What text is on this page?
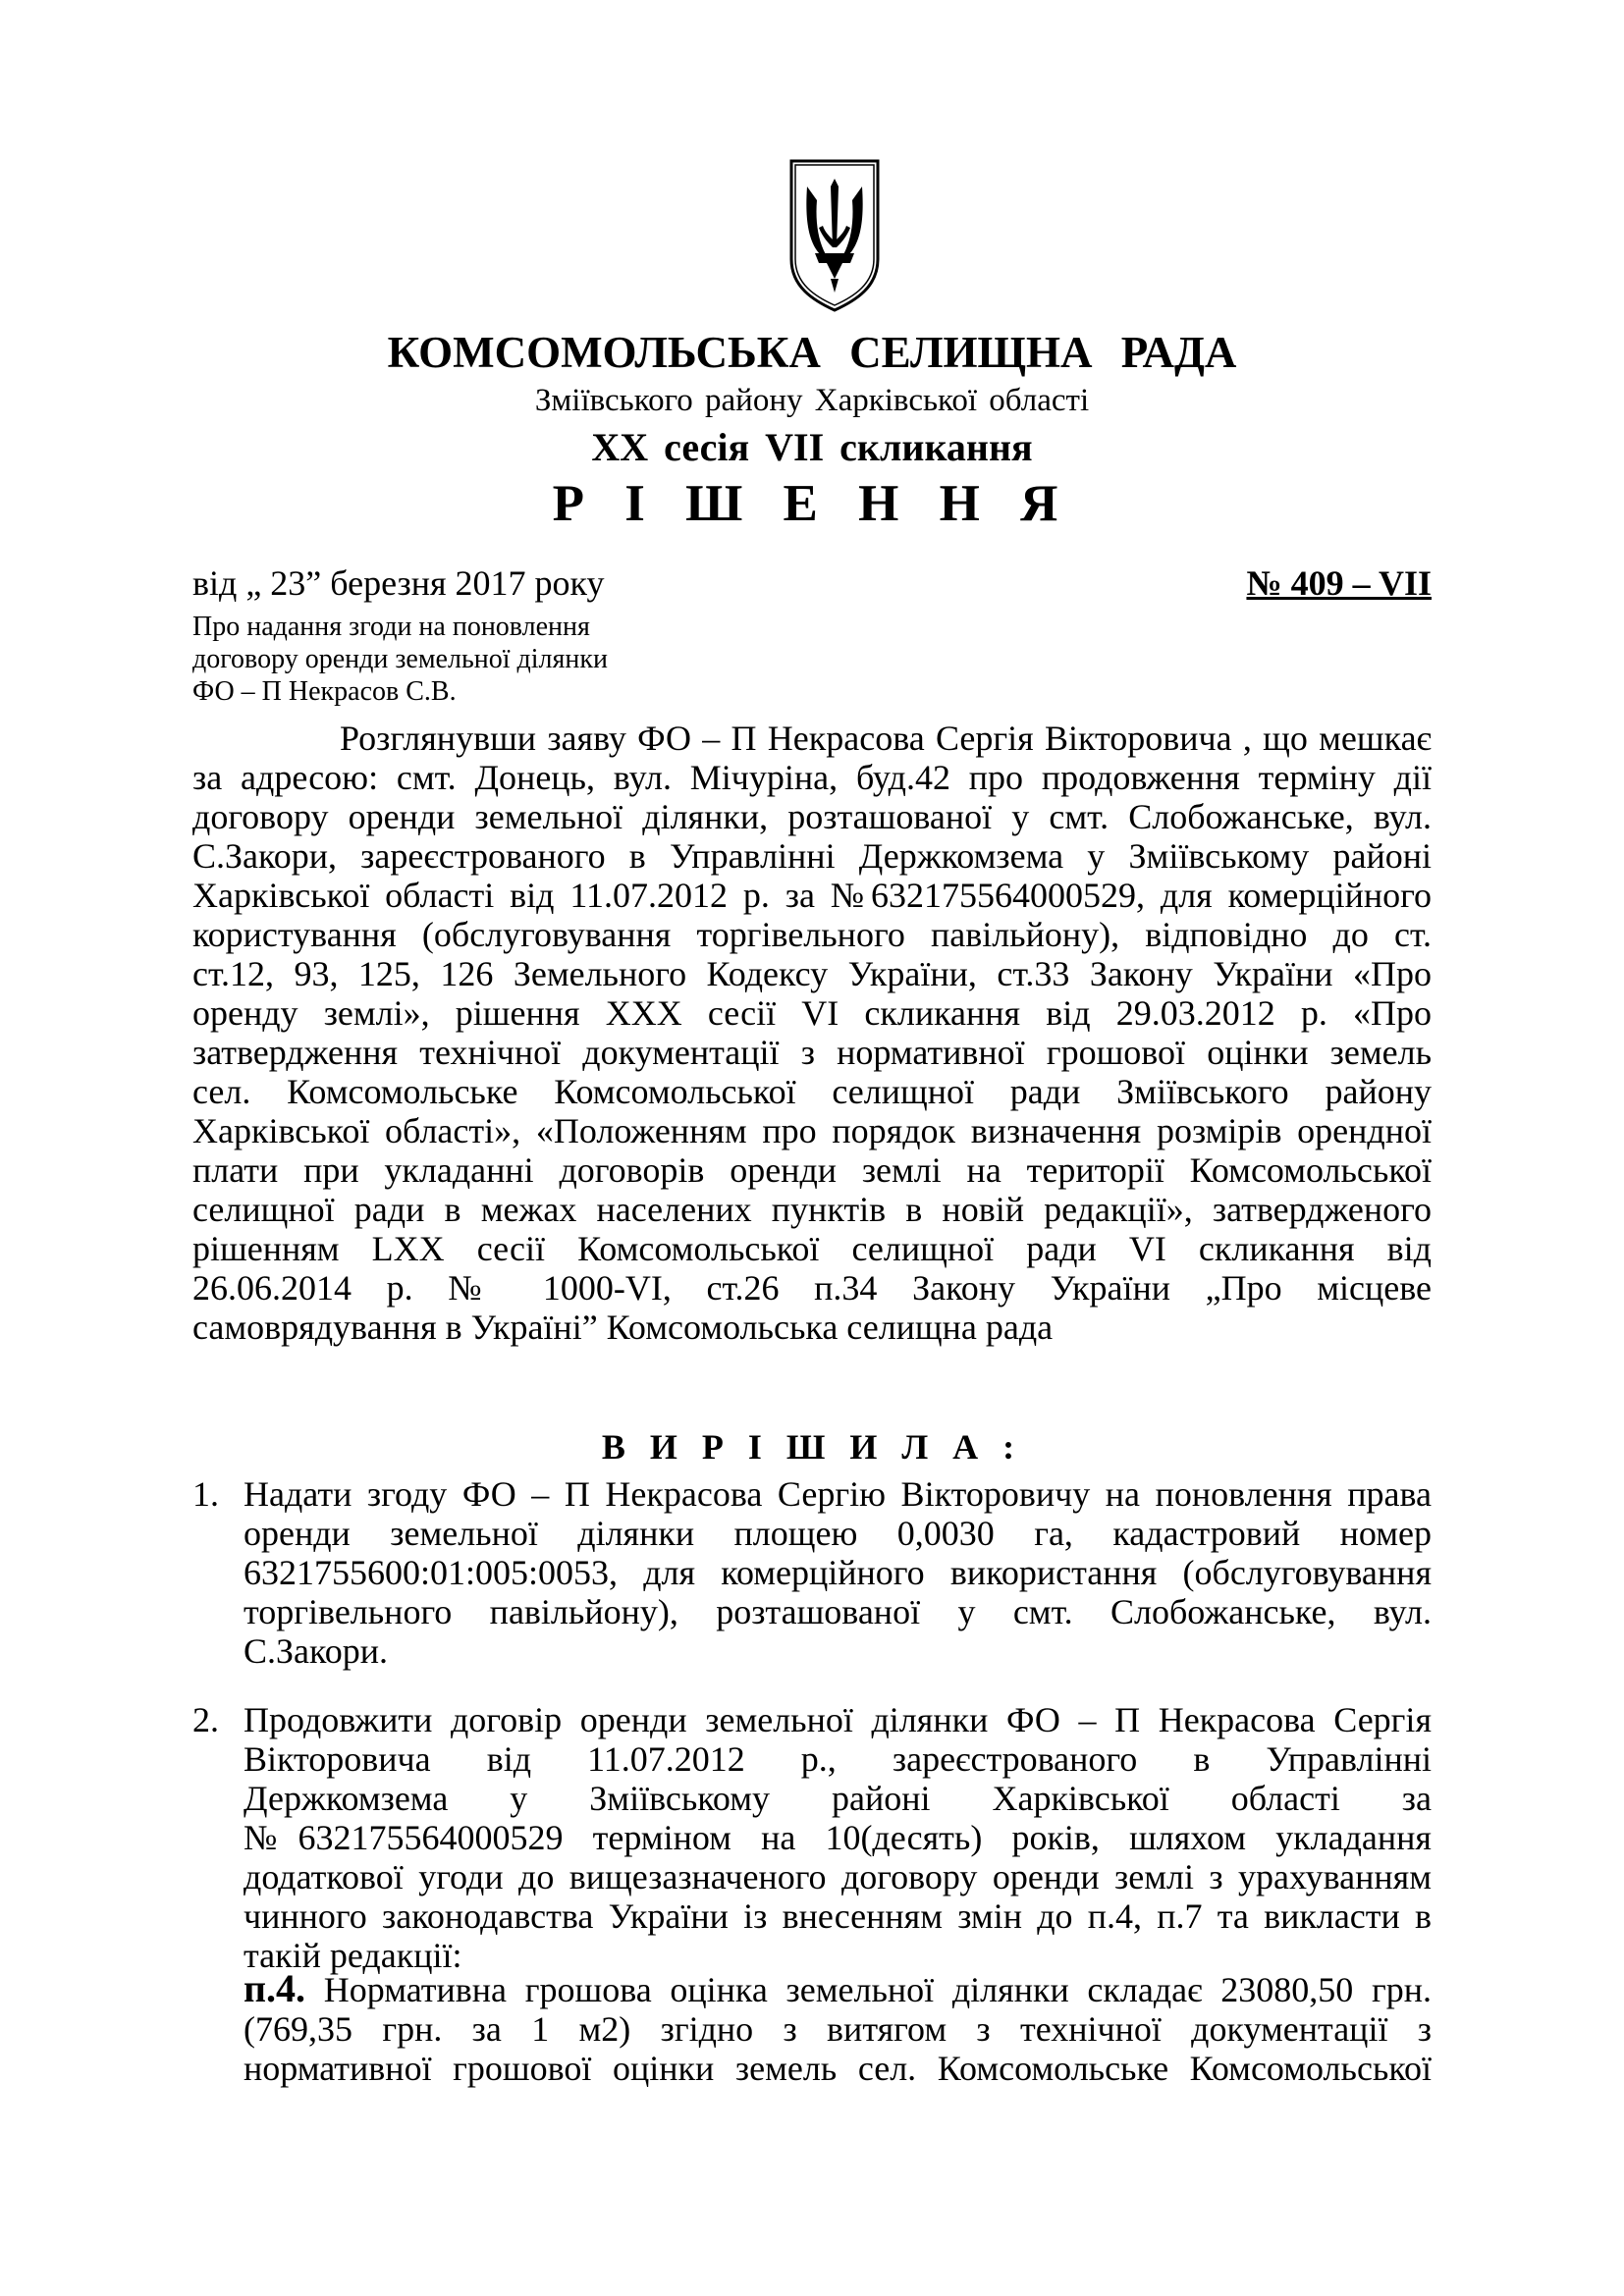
КОМСОМОЛЬСЬКА СЕЛИЩНА РАДА
Зміївського району Харківської області
XX сесія VII скликання
Р І Ш Е Н Н Я
від „ 23” березня 2017 року	№ 409 – VII
Про надання згоди на поновлення
договору оренди земельної ділянки
ФО – П Некрасов С.В.
Розглянувши заяву ФО – П Некрасова Сергія Вікторовича , що мешкає
за адресою: смт. Донець, вул. Мічуріна, буд.42 про продовження терміну дії
договору оренди земельної ділянки, розташованої у смт. Слобожанське, вул.
С.Закори, зареєстрованого в Управлінні Держкомзема у Зміївському районі
Харківської області від 11.07.2012 р. за №632175564000529, для комерційного
користування (обслуговування торгівельного павільйону), відповідно до ст.
ст.12, 93, 125, 126 Земельного Кодексу України, ст.33 Закону України «Про
оренду землі», рішення XXX сесії VI скликання від 29.03.2012 р. «Про
затвердження технічної документації з нормативної грошової оцінки земель
сел. Комсомольське Комсомольської селищної ради Зміївського району
Харківської області», «Положенням про порядок визначення розмірів орендної
плати при укладанні договорів оренди землі на території Комсомольської
селищної ради в межах населених пунктів в новій редакції», затвердженого
рішенням LXX сесії Комсомольської селищної ради VI скликання від
26.06.2014 р. № 1000-VI, ст.26 п.34 Закону України „Про місцеве
самоврядування в Україні” Комсомольська селищна рада
В И Р І Ш И Л А :
1. Надати згоду ФО – П Некрасова Сергію Вікторовичу на поновлення права
оренди земельної ділянки площею 0,0030 га, кадастровий номер
6321755600:01:005:0053, для комерційного використання (обслуговування
торгівельного павільйону), розташованої у смт. Слобожанське, вул.
С.Закори.
2. Продовжити договір оренди земельної ділянки ФО – П Некрасова Сергія
Вікторовича від 11.07.2012 р., зареєстрованого в Управлінні
Держкомзема у Зміївському районі Харківської області за
№632175564000529 терміном на 10(десять) років, шляхом укладання
додаткової угоди до вищезазначеного договору оренди землі з урахуванням
чинного законодавства України із внесенням змін до п.4, п.7 та викласти в
такій редакції:
п.4. Нормативна грошова оцінка земельної ділянки складає 23080,50 грн.
(769,35 грн. за 1 м2) згідно з витягом з технічної документації з
нормативної грошової оцінки земель сел. Комсомольське Комсомольської
